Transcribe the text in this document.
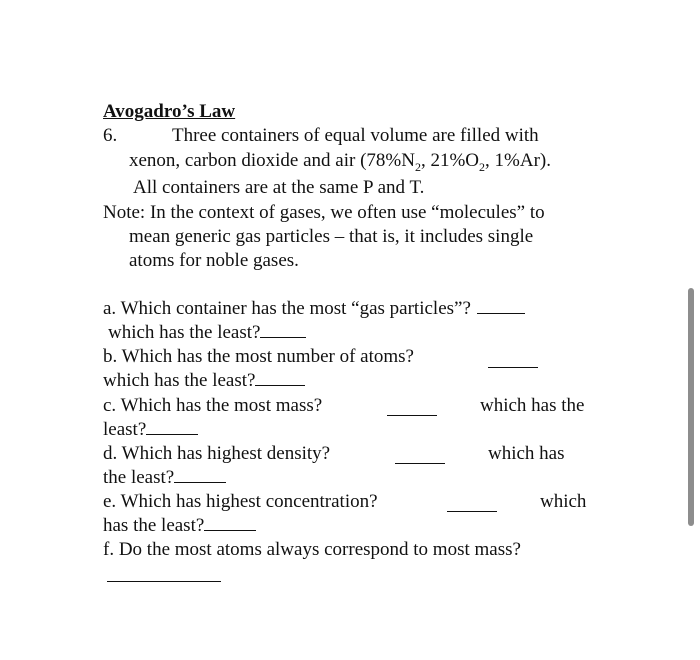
Avogadro’s Law
6.	Three containers of equal volume are filled with
xenon, carbon dioxide and air ($78\%N_2$, $21\%O_2$, 1%Ar).
All containers are at the same P and T.
Note: In the context of gases, we often use “molecules” to
mean generic gas particles – that is, it includes single
atoms for noble gases.
a. Which container has the most “gas particles”?
which has the least?
b. Which has the most number of atoms?
which has the least?
c. Which has the most mass?	which has the
least?
d. Which has highest density?	which has
the least?
e. Which has highest concentration?	which
has the least?
f. Do the most atoms always correspond to most mass?
